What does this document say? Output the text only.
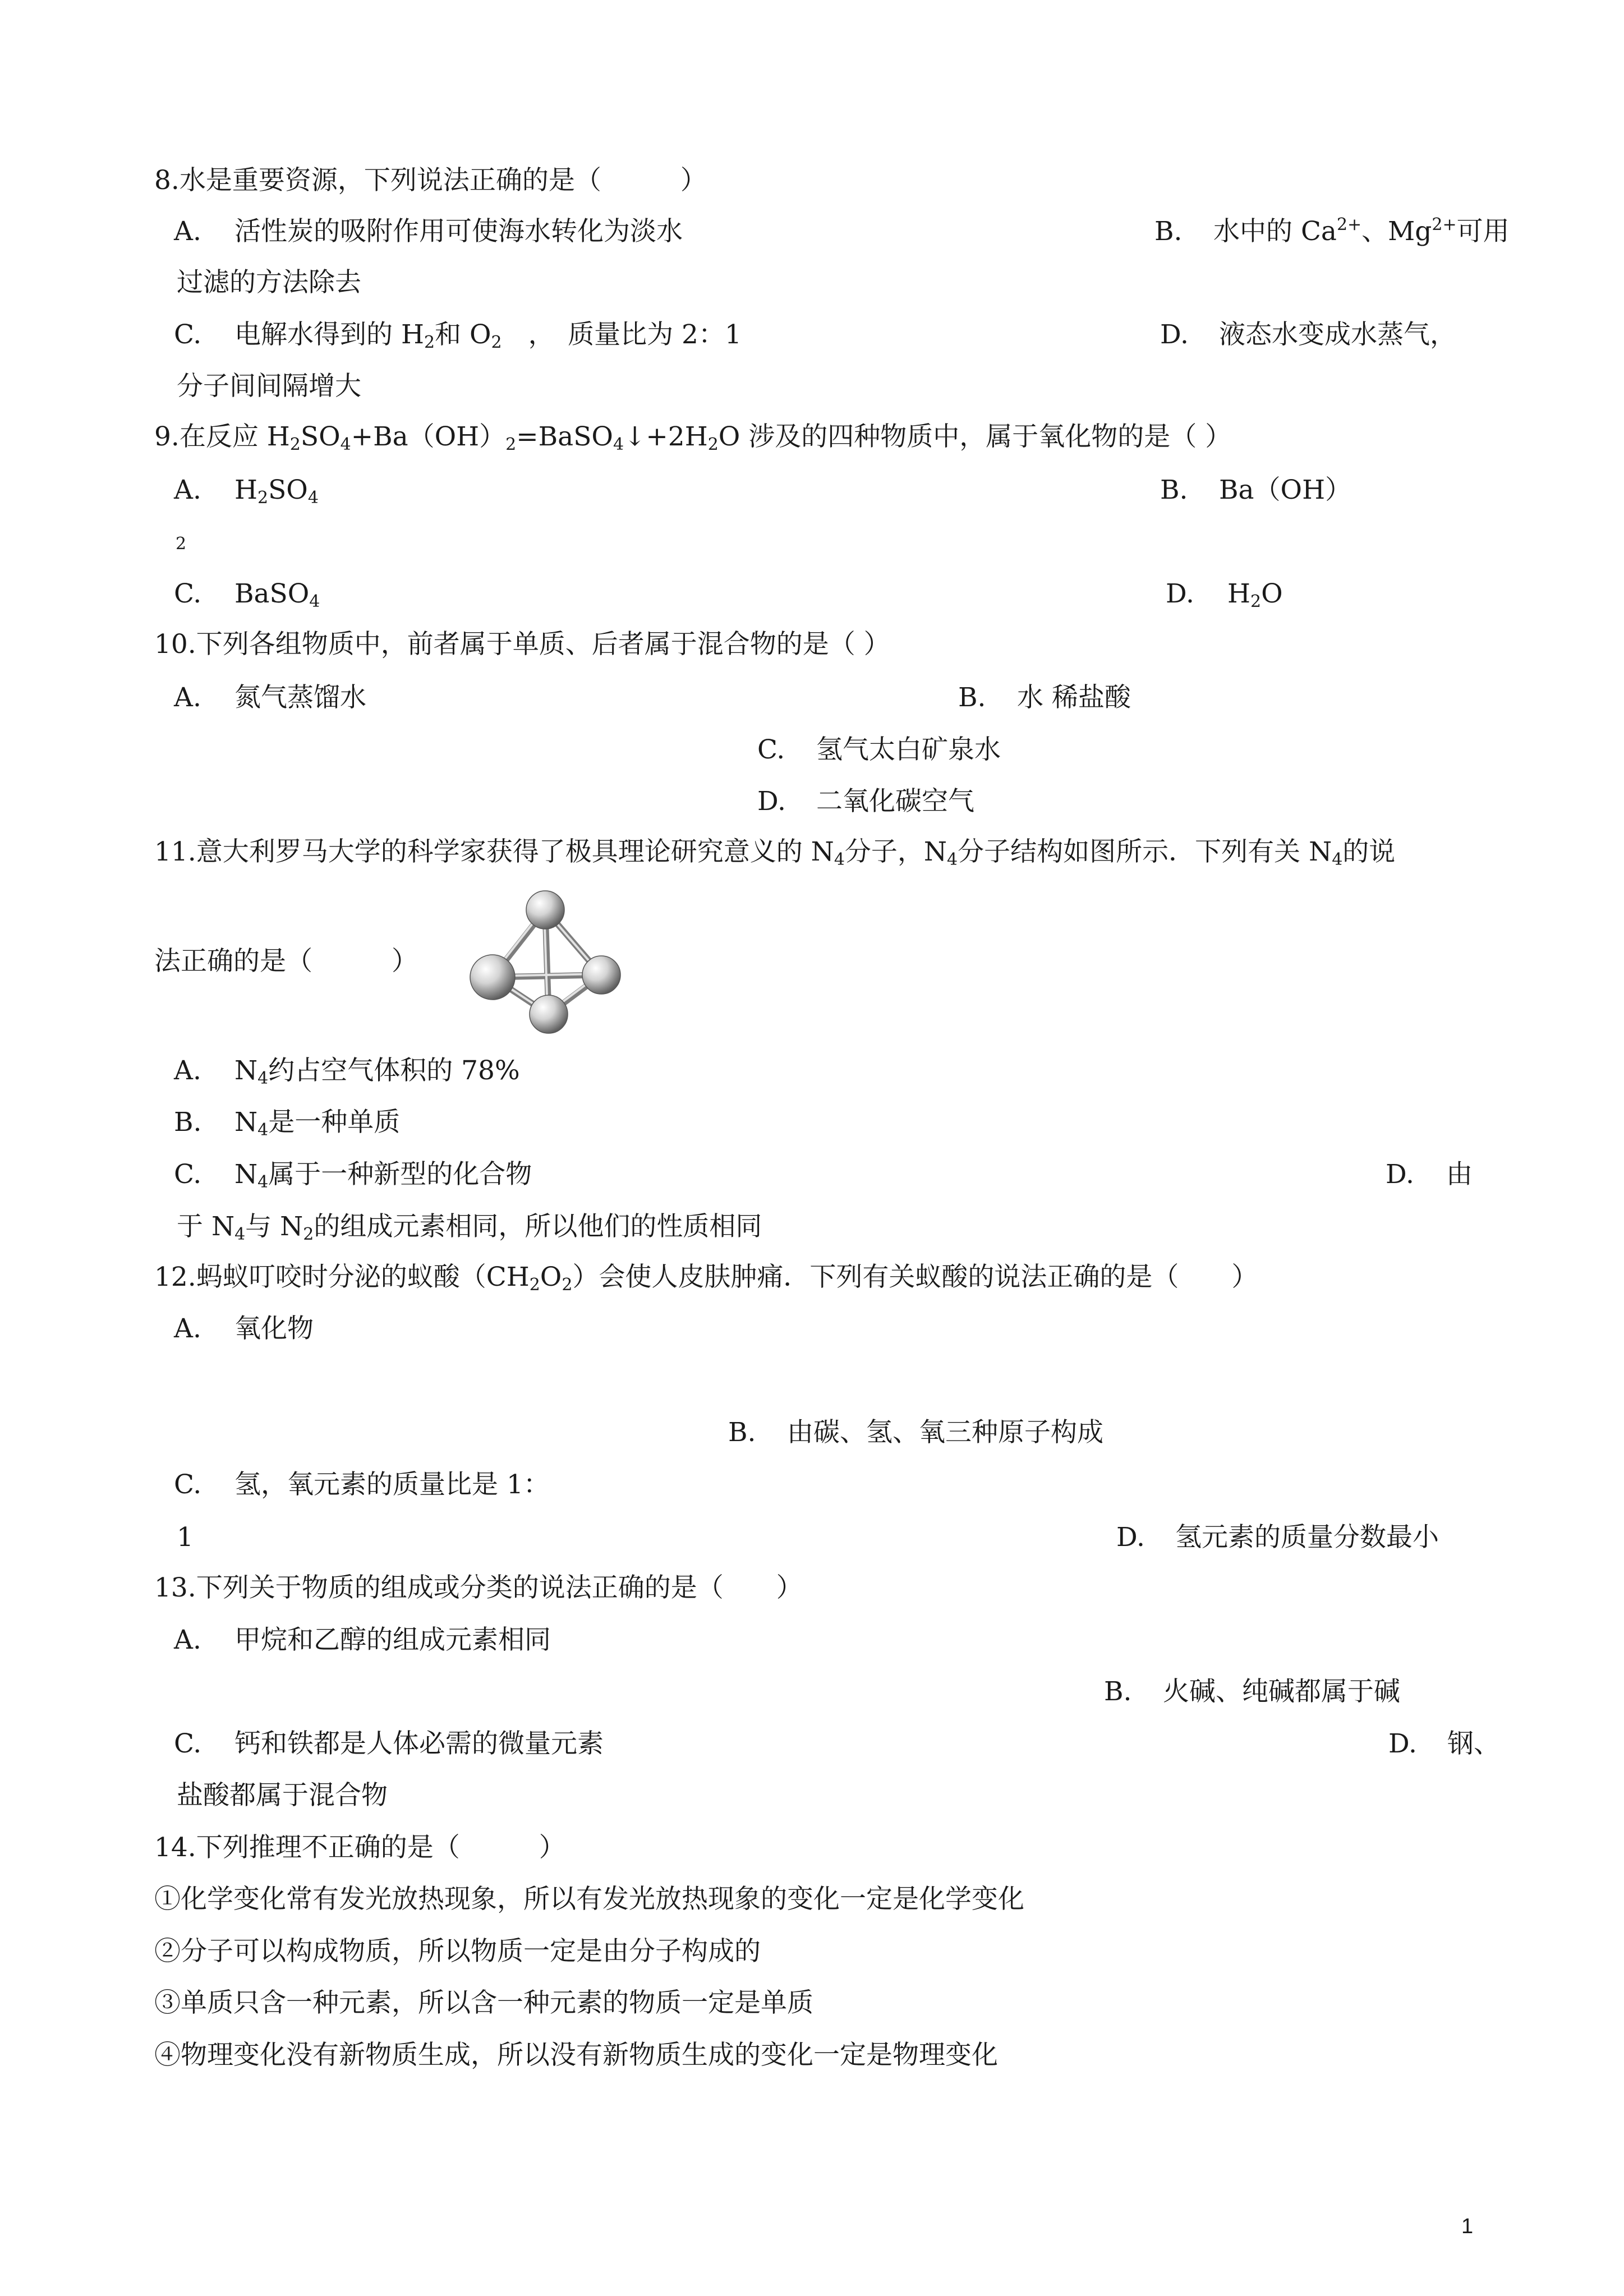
8.水是重要资源，下列说法正确的是（　　　）
A. 活性炭的吸附作用可使海水转化为淡水	B. 水中的 $Ca^{2+}$、$Mg^{2+}$可用
过滤的方法除去
C. 电解水得到的 $H_2$和 $O_2$　，　质量比为 2：1	D. 液态水变成水蒸气，
分子间间隔增大
9.在反应 $H_2SO_4+Ba(OH)_2=BaSO_4↓+2H_2O$ 涉及的四种物质中，属于氧化物的是（ ）
A. $H_2SO_4$	B. Ba（OH）
2
C. BaSO$_4$	D. $H_2O$
10.下列各组物质中，前者属于单质、后者属于混合物的是（ ）
A. 氮气蒸馏水	B. 水 稀盐酸
C. 氢气太白矿泉水
D. 二氧化碳空气
11.意大利罗马大学的科学家获得了极具理论研究意义的 $N_4$分子，$N_4$分子结构如图所示．下列有关 $N_4$的说
法正确的是（　　　）
A. $N_4$约占空气体积的 78%
B. $N_4$是一种单质
C. $N_4$属于一种新型的化合物	D. 由
于 $N_4$与 $N_2$的组成元素相同，所以他们的性质相同
12.蚂蚁叮咬时分泌的蚁酸$(CH_2O_2)$会使人皮肤肿痛．下列有关蚁酸的说法正确的是（　　）
A. 氧化物
B. 由碳、氢、氧三种原子构成
C. 氢，氧元素的质量比是 1：
1	D. 氢元素的质量分数最小
13.下列关于物质的组成或分类的说法正确的是（　　）
A. 甲烷和乙醇的组成元素相同
B. 火碱、纯碱都属于碱
C. 钙和铁都是人体必需的微量元素	D. 钢、
盐酸都属于混合物
14.下列推理不正确的是（　　　）
①化学变化常有发光放热现象，所以有发光放热现象的变化一定是化学变化
②分子可以构成物质，所以物质一定是由分子构成的
③单质只含一种元素，所以含一种元素的物质一定是单质
④物理变化没有新物质生成，所以没有新物质生成的变化一定是物理变化
1
